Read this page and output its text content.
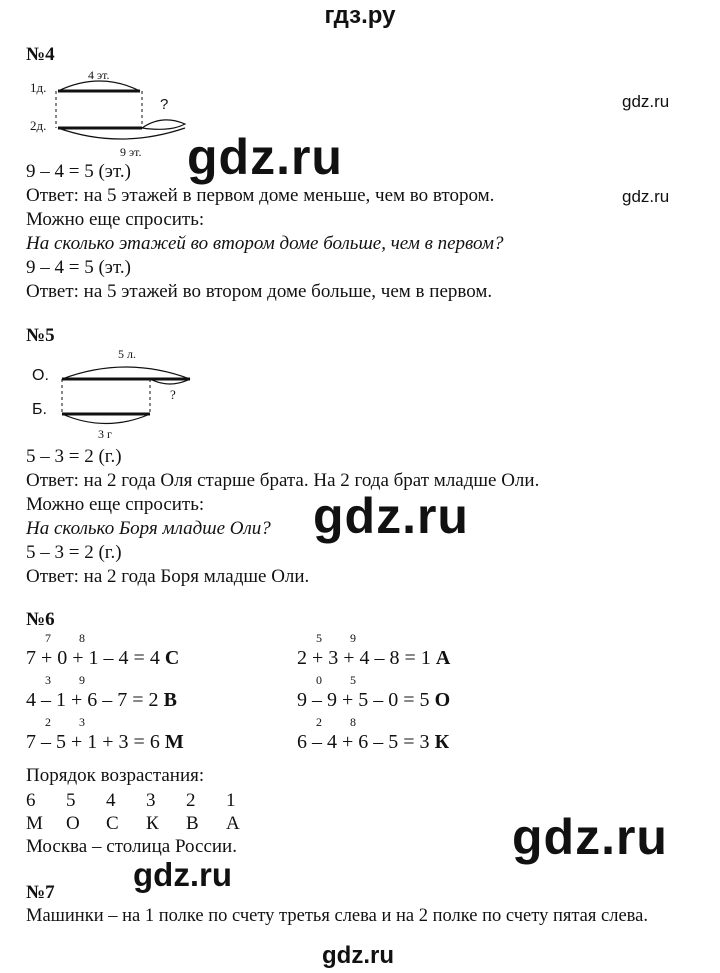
гдз.ру
№4
1д.
2д.
4 эт.
?
9 эт.
9 – 4 = 5 (эт.)
Ответ: на 5 этажей в первом доме меньше, чем во втором.
Можно еще спросить:
На сколько этажей во втором доме больше, чем в первом?
9 – 4 = 5 (эт.)
Ответ: на 5 этажей во втором доме больше, чем в первом.
№5
О.
Б.
5 л.
?
3 г
5 – 3 = 2 (г.)
Ответ: на 2 года Оля старше брата. На 2 года брат младше Оли.
Можно еще спросить:
На сколько Боря младше Оли?
5 – 3 = 2 (г.)
Ответ: на 2 года Боря младше Оли.
№6
7 8
7 + 0 + 1 – 4 = 4 С
3 9
4 – 1 + 6 – 7 = 2 В
2 3
7 – 5 + 1 + 3 = 6 М
5 9
2 + 3 + 4 – 8 = 1 А
0 5
9 – 9 + 5 – 0 = 5 О
2 8
6 – 4 + 6 – 5 = 3 К
Порядок возрастания:
6 5 4 3 2 1
М О С К В А
Москва – столица России.
№7
Машинки – на 1 полке по счету третья слева и на 2 полке по счету пятая слева.
gdz.ru
gdz.ru
gdz.ru
gdz.ru
gdz.ru
gdz.ru
gdz.ru
